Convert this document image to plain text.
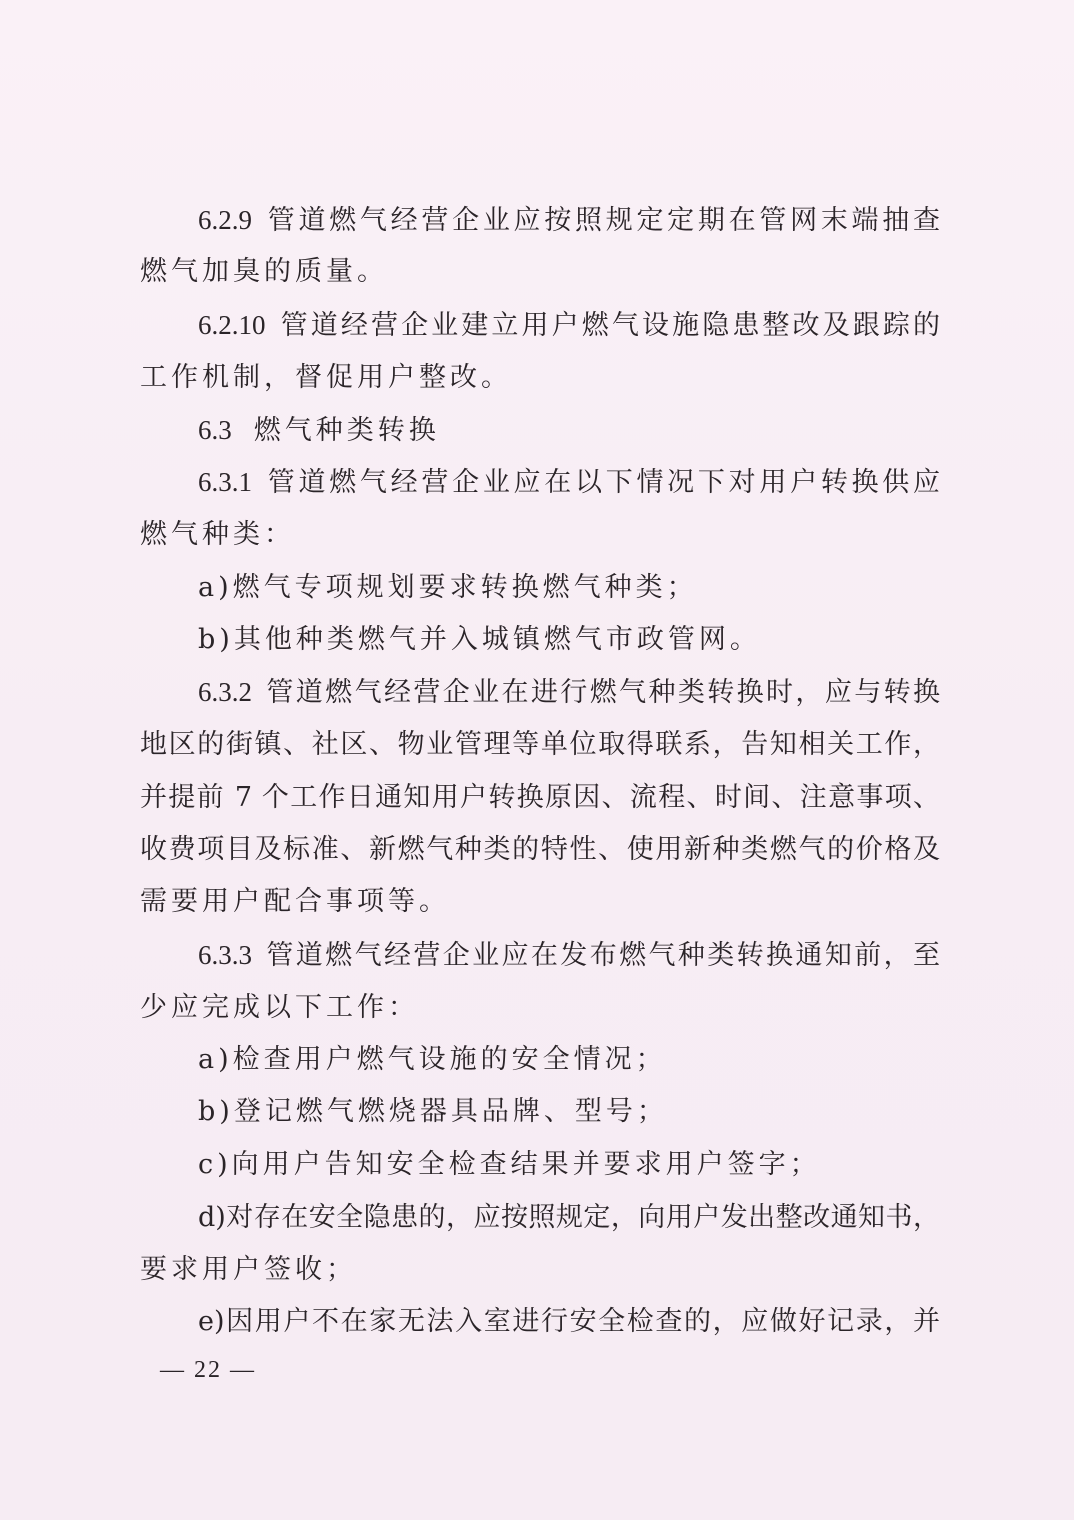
6.2.9 管道燃气经营企业应按照规定定期在管网末端抽查
燃气加臭的质量。
6.2.10 管道经营企业建立用户燃气设施隐患整改及跟踪的
工作机制，督促用户整改。
6.3 燃气种类转换
6.3.1 管道燃气经营企业应在以下情况下对用户转换供应
燃气种类：
a)燃气专项规划要求转换燃气种类；
b)其他种类燃气并入城镇燃气市政管网。
6.3.2 管道燃气经营企业在进行燃气种类转换时，应与转换
地区的街镇、社区、物业管理等单位取得联系，告知相关工作，
并提前 7 个工作日通知用户转换原因、流程、时间、注意事项、
收费项目及标准、新燃气种类的特性、使用新种类燃气的价格及
需要用户配合事项等。
6.3.3 管道燃气经营企业应在发布燃气种类转换通知前，至
少应完成以下工作：
a)检查用户燃气设施的安全情况；
b)登记燃气燃烧器具品牌、型号；
c)向用户告知安全检查结果并要求用户签字；
d)对存在安全隐患的，应按照规定，向用户发出整改通知书，
要求用户签收；
e)因用户不在家无法入室进行安全检查的，应做好记录，并
— 22 —
